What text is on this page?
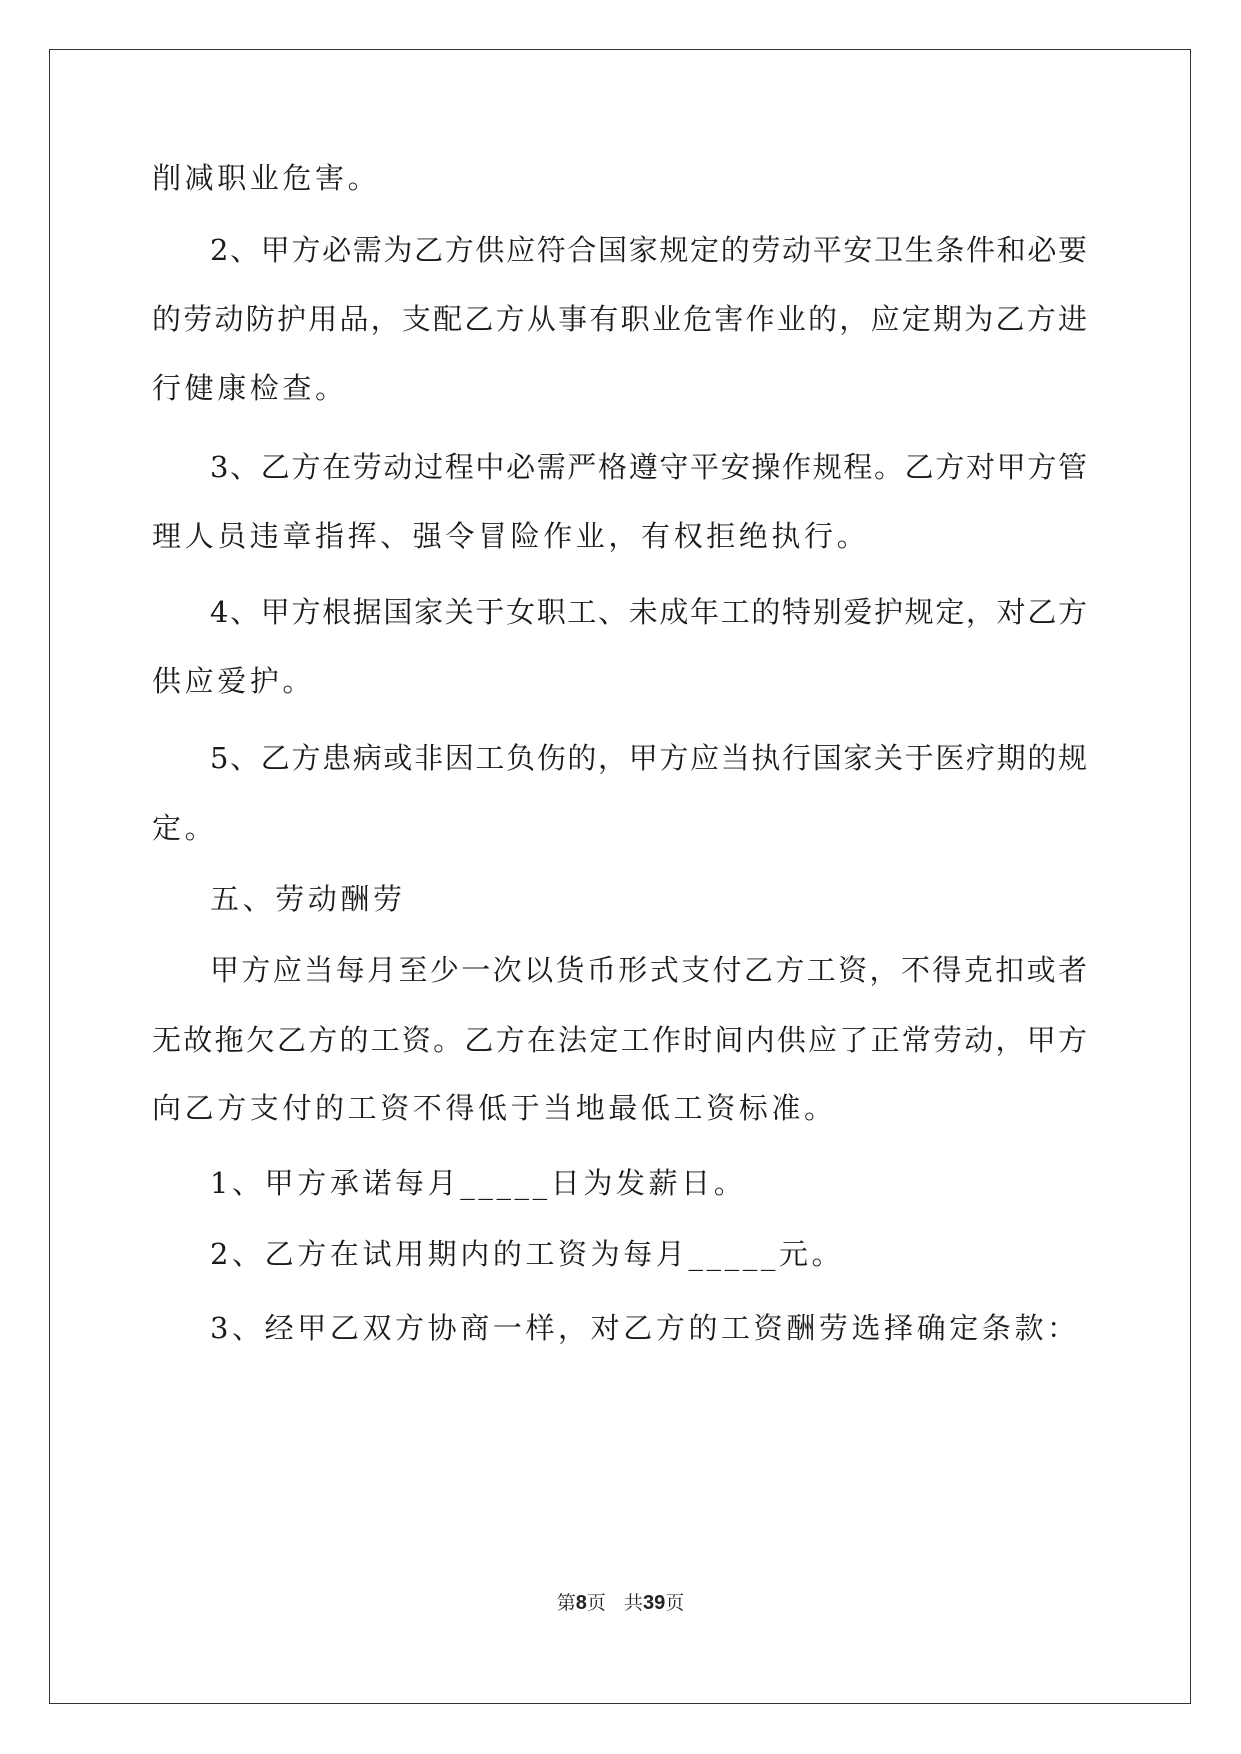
削减职业危害。
2、甲方必需为乙方供应符合国家规定的劳动平安卫生条件和必要
的劳动防护用品，支配乙方从事有职业危害作业的，应定期为乙方进
行健康检查。
3、乙方在劳动过程中必需严格遵守平安操作规程。乙方对甲方管
理人员违章指挥、强令冒险作业，有权拒绝执行。
4、甲方根据国家关于女职工、未成年工的特别爱护规定，对乙方
供应爱护。
5、乙方患病或非因工负伤的，甲方应当执行国家关于医疗期的规
定。
五、劳动酬劳
甲方应当每月至少一次以货币形式支付乙方工资，不得克扣或者
无故拖欠乙方的工资。乙方在法定工作时间内供应了正常劳动，甲方
向乙方支付的工资不得低于当地最低工资标准。
1、甲方承诺每月_____日为发薪日。
2、乙方在试用期内的工资为每月_____元。
3、经甲乙双方协商一样，对乙方的工资酬劳选择确定条款：
第8页 共39页
